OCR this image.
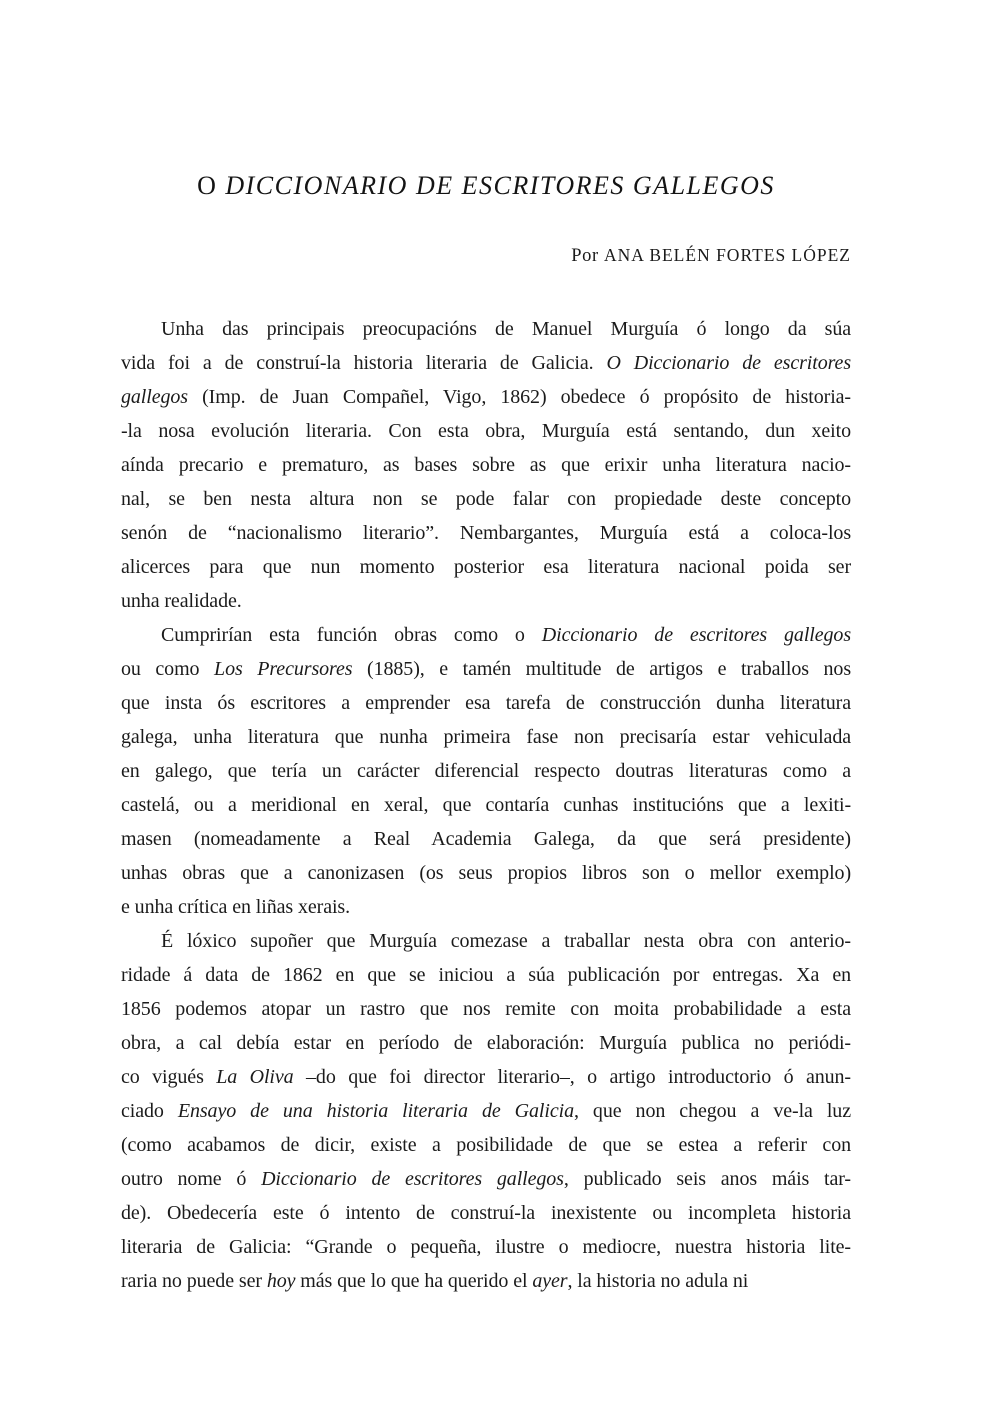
O DICCIONARIO DE ESCRITORES GALLEGOS
Por ANA BELÉN FORTES LÓPEZ
Unha das principais preocupacións de Manuel Murguía ó longo da súa
vida foi a de construí-la historia literaria de Galicia. O Diccionario de escritores
gallegos (Imp. de Juan Compañel, Vigo, 1862) obedece ó propósito de historia-
-la nosa evolución literaria. Con esta obra, Murguía está sentando, dun xeito
aínda precario e prematuro, as bases sobre as que erixir unha literatura nacio-
nal, se ben nesta altura non se pode falar con propiedade deste concepto
senón de “nacionalismo literario”. Nembargantes, Murguía está a coloca-los
alicerces para que nun momento posterior esa literatura nacional poida ser
unha realidade.
Cumprirían esta función obras como o Diccionario de escritores gallegos
ou como Los Precursores (1885), e tamén multitude de artigos e traballos nos
que insta ós escritores a emprender esa tarefa de construcción dunha literatura
galega, unha literatura que nunha primeira fase non precisaría estar vehiculada
en galego, que tería un carácter diferencial respecto doutras literaturas como a
castelá, ou a meridional en xeral, que contaría cunhas institucións que a lexiti-
masen (nomeadamente a Real Academia Galega, da que será presidente)
unhas obras que a canonizasen (os seus propios libros son o mellor exemplo)
e unha crítica en liñas xerais.
É lóxico supoñer que Murguía comezase a traballar nesta obra con anterio-
ridade á data de 1862 en que se iniciou a súa publicación por entregas. Xa en
1856 podemos atopar un rastro que nos remite con moita probabilidade a esta
obra, a cal debía estar en período de elaboración: Murguía publica no periódi-
co vigués La Oliva –do que foi director literario–, o artigo introductorio ó anun-
ciado Ensayo de una historia literaria de Galicia, que non chegou a ve-la luz
(como acabamos de dicir, existe a posibilidade de que se estea a referir con
outro nome ó Diccionario de escritores gallegos, publicado seis anos máis tar-
de). Obedecería este ó intento de construí-la inexistente ou incompleta historia
literaria de Galicia: “Grande o pequeña, ilustre o mediocre, nuestra historia lite-
raria no puede ser hoy más que lo que ha querido el ayer, la historia no adula ni
